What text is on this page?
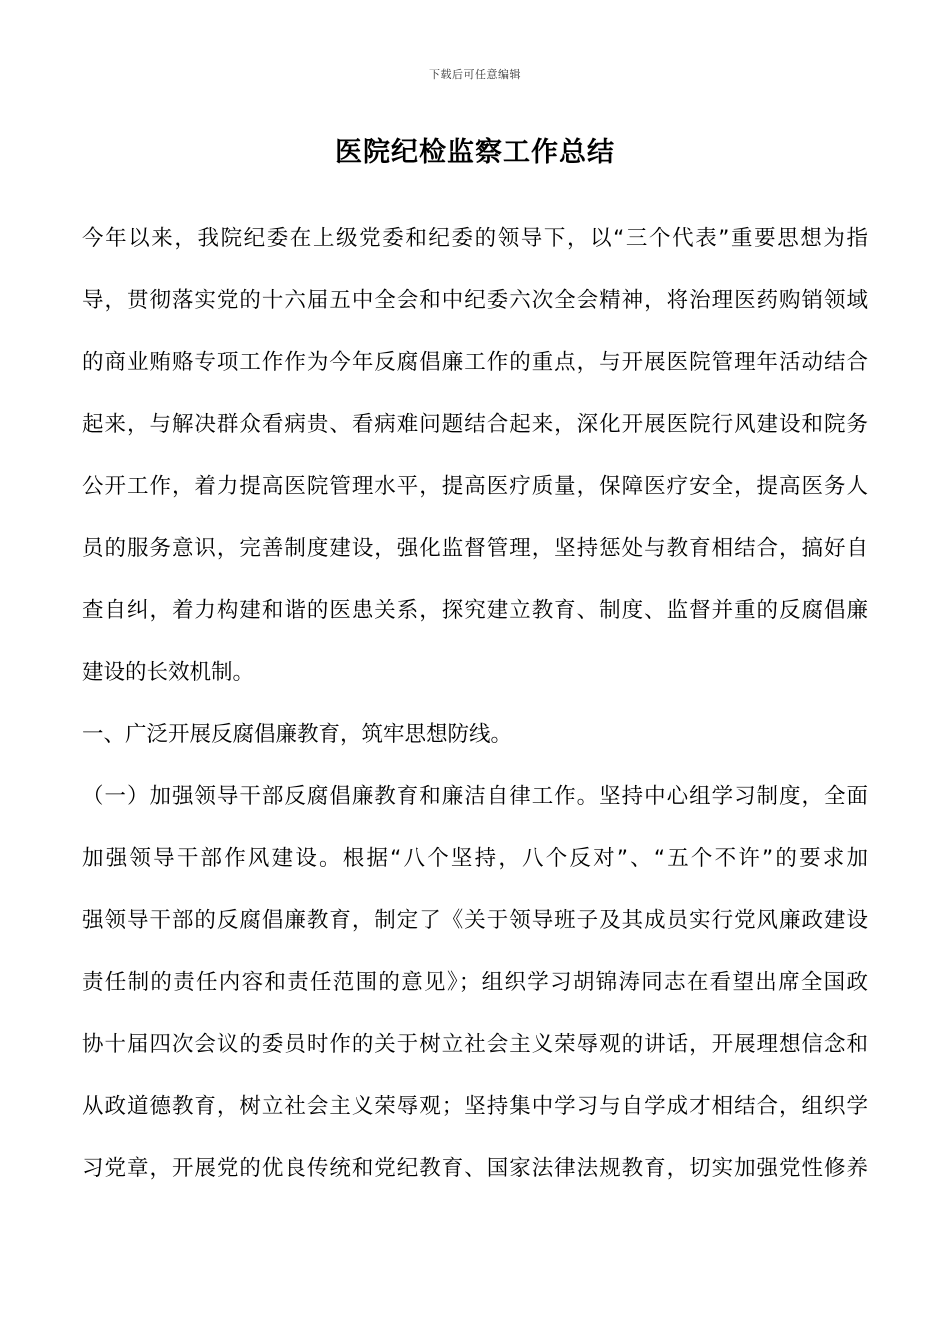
下载后可任意编辑
医院纪检监察工作总结
今年以来，我院纪委在上级党委和纪委的领导下，以“三个代表”重要思想为指
导，贯彻落实党的十六届五中全会和中纪委六次全会精神，将治理医药购销领域
的商业贿赂专项工作作为今年反腐倡廉工作的重点，与开展医院管理年活动结合
起来，与解决群众看病贵、看病难问题结合起来，深化开展医院行风建设和院务
公开工作，着力提高医院管理水平，提高医疗质量，保障医疗安全，提高医务人
员的服务意识，完善制度建设，强化监督管理，坚持惩处与教育相结合，搞好自
查自纠，着力构建和谐的医患关系，探究建立教育、制度、监督并重的反腐倡廉
建设的长效机制。
一、广泛开展反腐倡廉教育，筑牢思想防线。
（一）加强领导干部反腐倡廉教育和廉洁自律工作。坚持中心组学习制度，全面
加强领导干部作风建设。根据“八个坚持，八个反对”、“五个不许”的要求加
强领导干部的反腐倡廉教育，制定了《关于领导班子及其成员实行党风廉政建设
责任制的责任内容和责任范围的意见》；组织学习胡锦涛同志在看望出席全国政
协十届四次会议的委员时作的关于树立社会主义荣辱观的讲话，开展理想信念和
从政道德教育，树立社会主义荣辱观；坚持集中学习与自学成才相结合，组织学
习党章，开展党的优良传统和党纪教育、国家法律法规教育，切实加强党性修养
